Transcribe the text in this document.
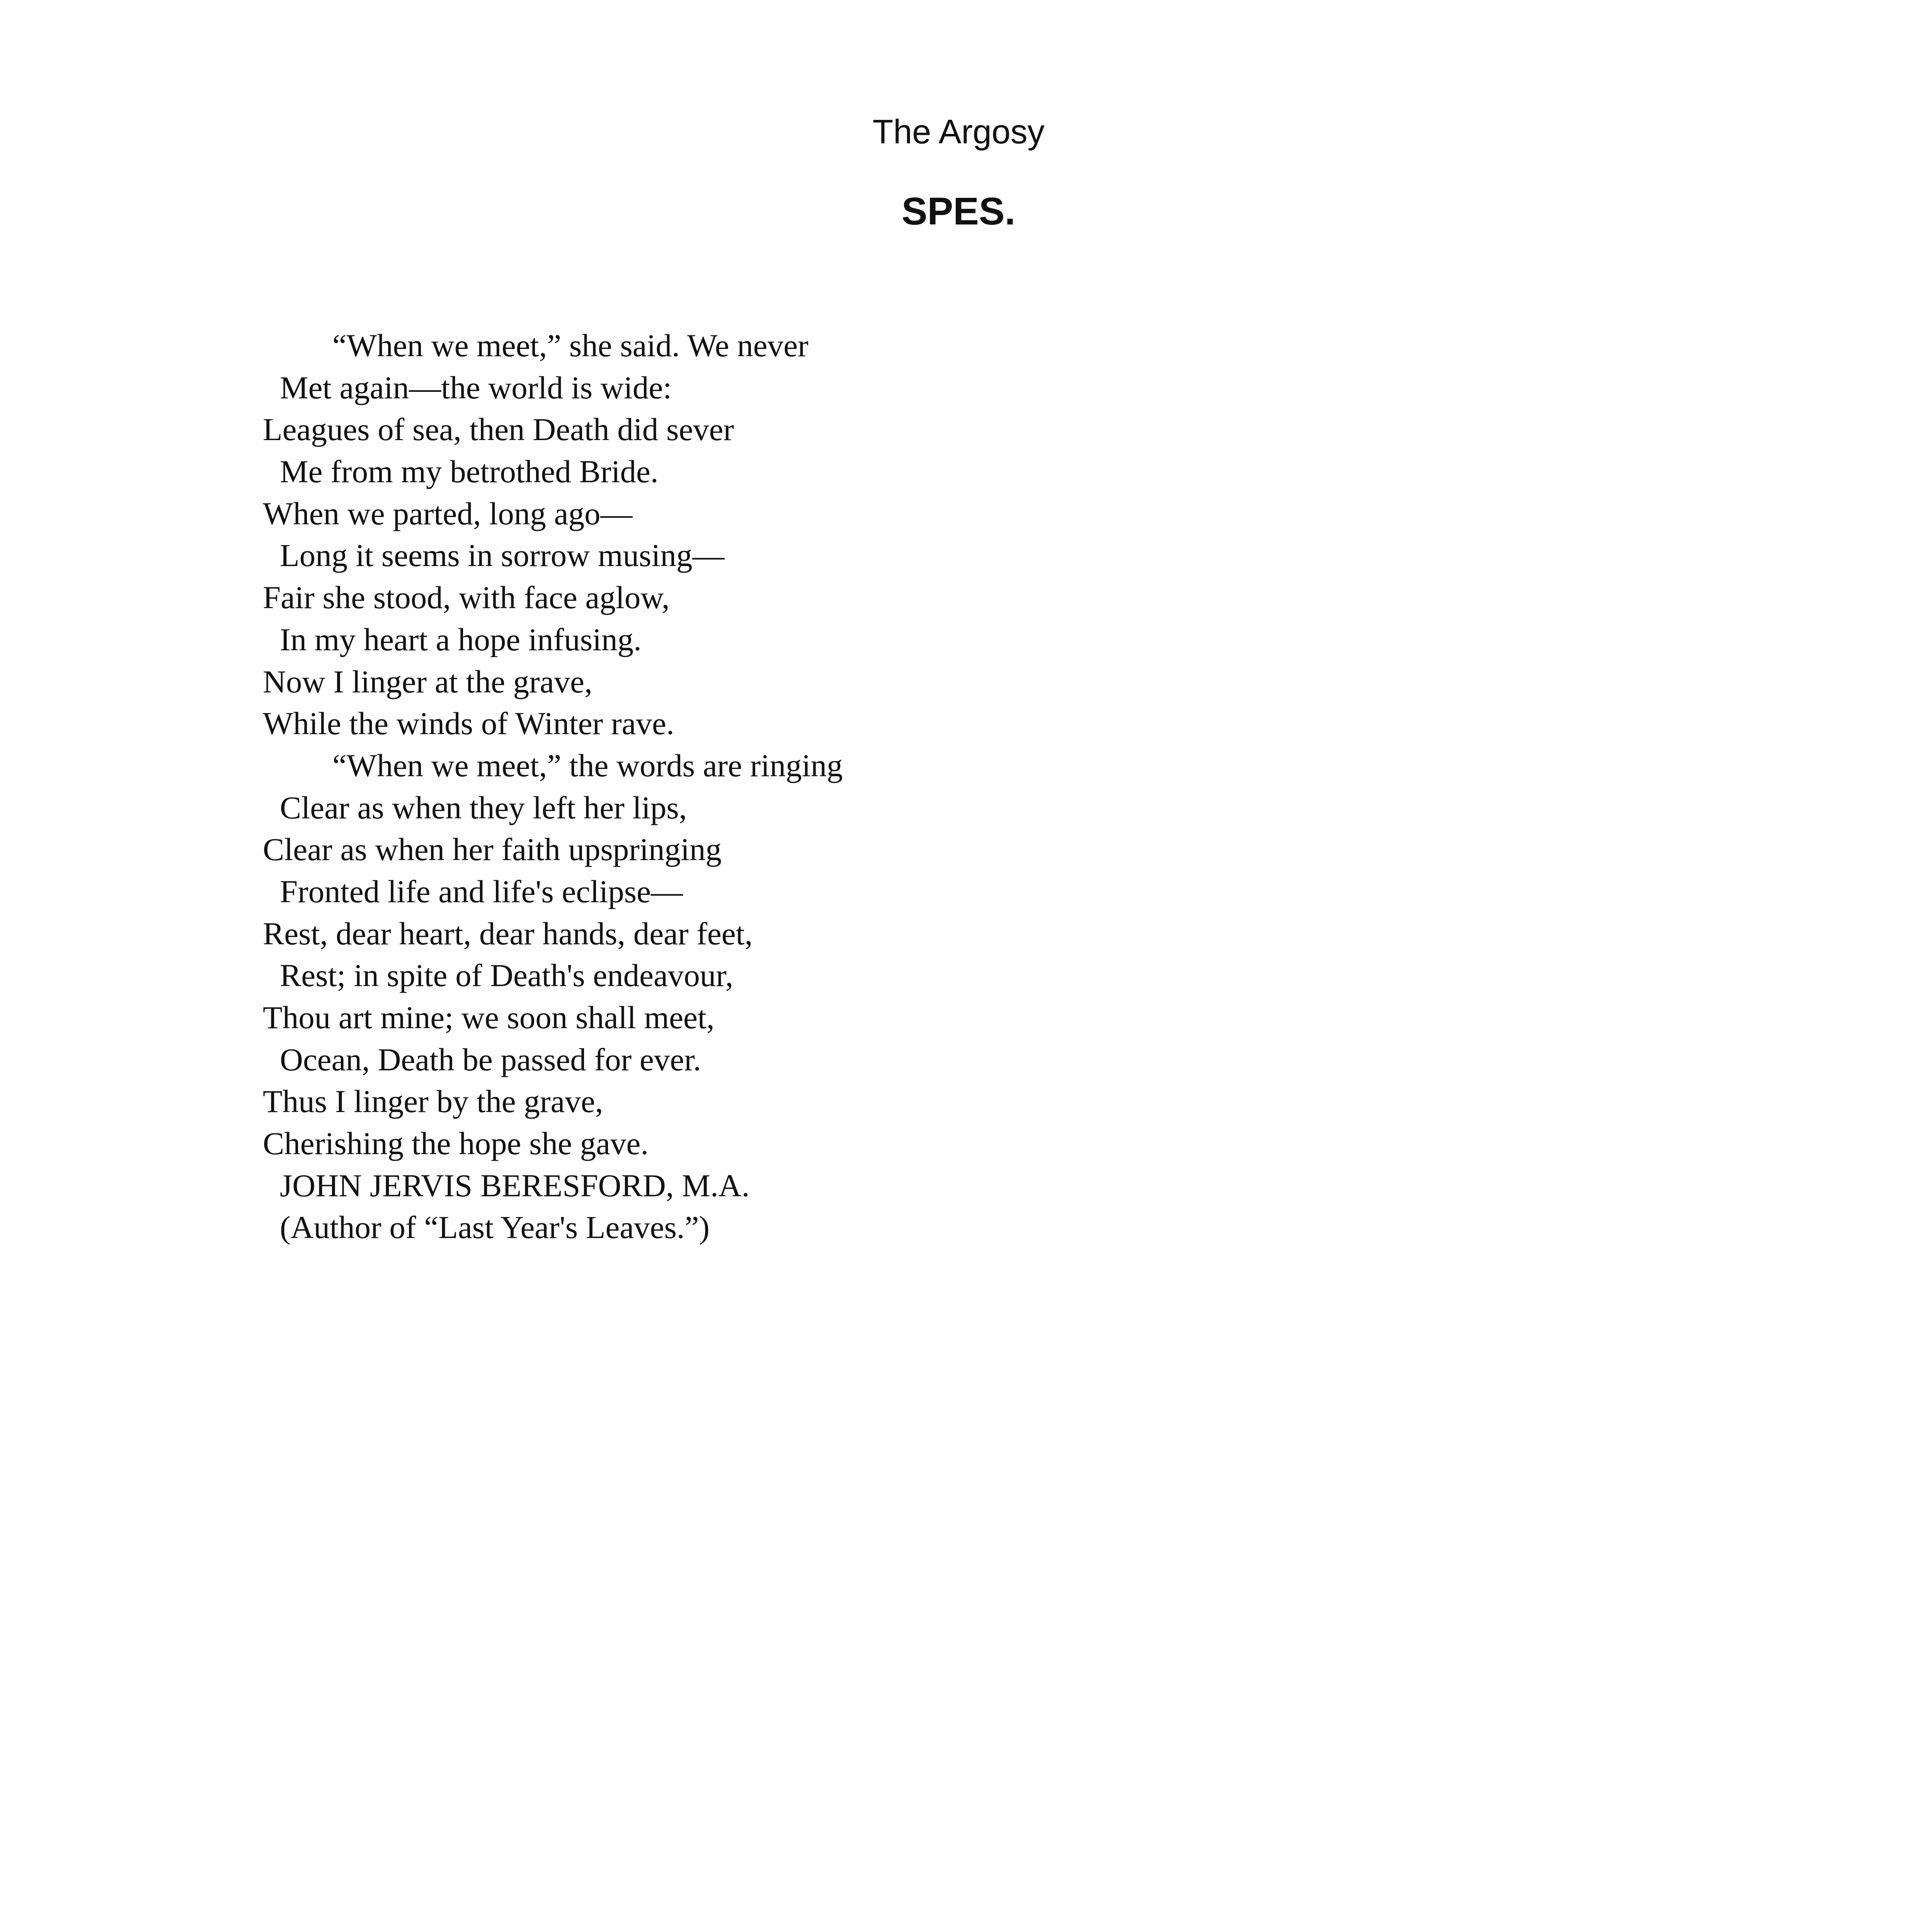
The Argosy
SPES.
“When we meet,” she said. We never
Met again—the world is wide:
Leagues of sea, then Death did sever
Me from my betrothed Bride.
When we parted, long ago—
Long it seems in sorrow musing—
Fair she stood, with face aglow,
In my heart a hope infusing.
Now I linger at the grave,
While the winds of Winter rave.
“When we meet,” the words are ringing
Clear as when they left her lips,
Clear as when her faith upspringing
Fronted life and life's eclipse—
Rest, dear heart, dear hands, dear feet,
Rest; in spite of Death's endeavour,
Thou art mine; we soon shall meet,
Ocean, Death be passed for ever.
Thus I linger by the grave,
Cherishing the hope she gave.
JOHN JERVIS BERESFORD, M.A.
(Author of “Last Year's Leaves.”)
